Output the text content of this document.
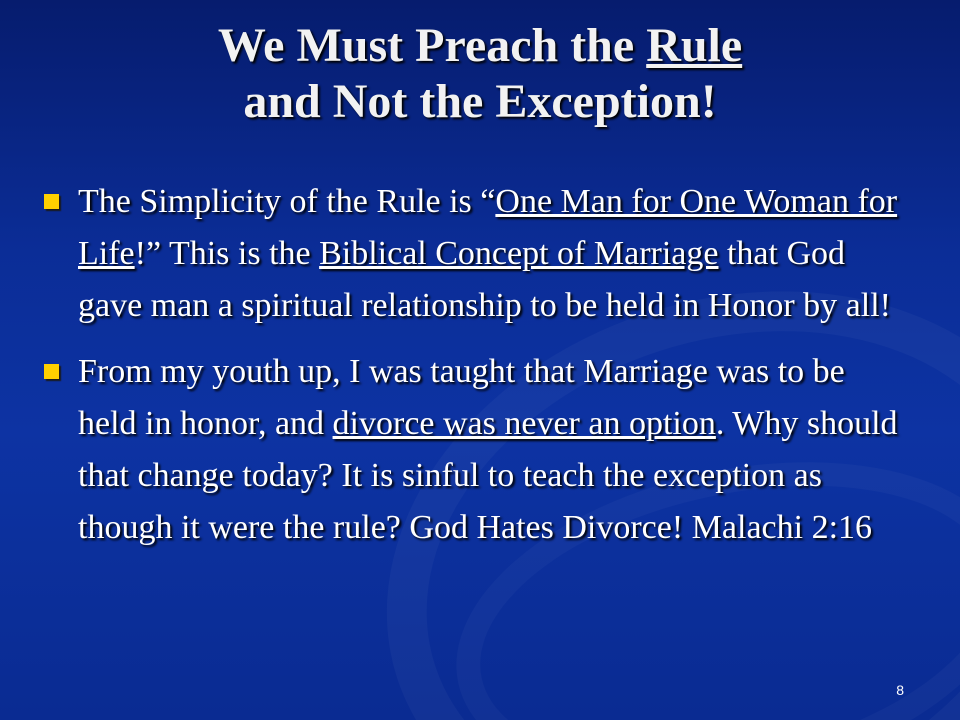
We Must Preach the Rule
and Not the Exception!
The Simplicity of the Rule is “One Man for One Woman for Life!” This is the Biblical Concept of Marriage that God gave man a spiritual relationship to be held in Honor by all!
From my youth up, I was taught that Marriage was to be held in honor, and divorce was never an option. Why should that change today? It is sinful to teach the exception as though it were the rule? God Hates Divorce! Malachi 2:16
8
